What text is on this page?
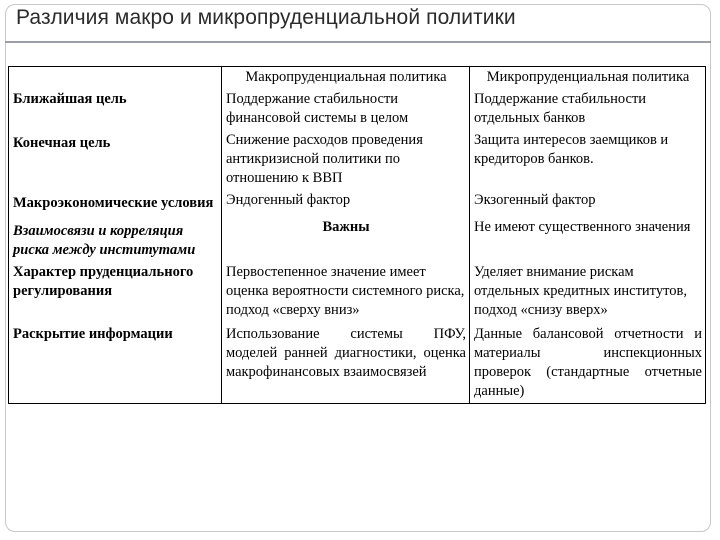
Различия макро и микропруденциальной политики
	Макропруденциальная политика	Микропруденциальная политика
Ближайшая цель	Поддержание стабильности финансовой системы в целом	Поддержание стабильности отдельных банков
Конечная цель	Снижение расходов проведения антикризисной политики по отношению к ВВП	Защита интересов заемщиков и кредиторов банков.
Макроэкономические условия	Эндогенный фактор	Экзогенный фактор
Взаимосвязи и корреляция риска между институтами	Важны	Не имеют существенного значения
Характер пруденциального регулирования	Первостепенное значение имеет оценка вероятности системного риска, подход «сверху вниз»	Уделяет внимание рискам отдельных кредитных институтов, подход «снизу вверх»
Раскрытие информации	Использование системы ПФУ, моделей ранней диагностики, оценка макрофинансовых взаимосвязей	Данные балансовой отчетности и материалы инспекционных проверок (стандартные отчетные данные)
